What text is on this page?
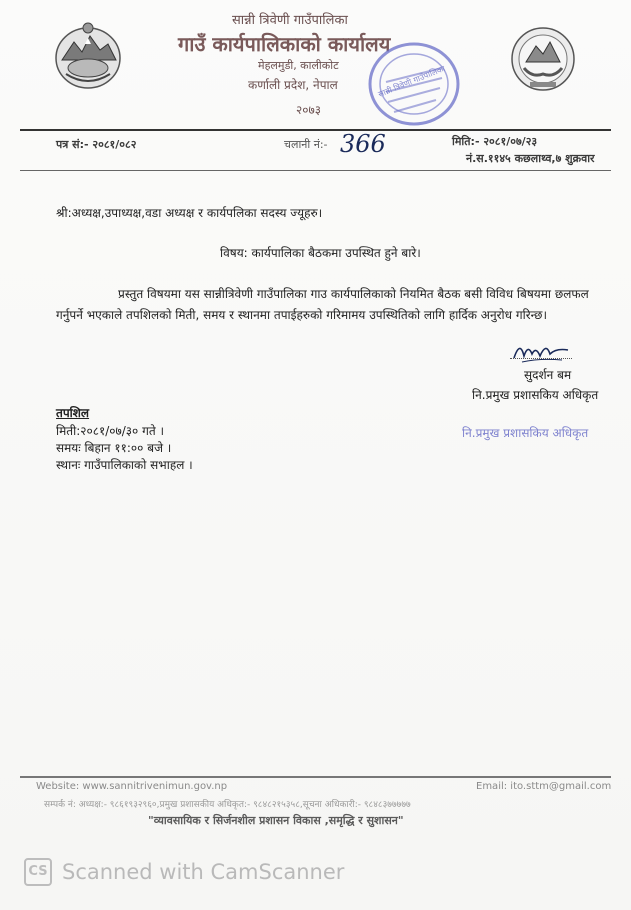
सान्नी त्रिवेणी गाउँपालिका
गाउँ कार्यपालिकाको कार्यालय
मेहलमुडी, कालीकोट
कर्णाली प्रदेश, नेपाल
२०७३
सान्नी त्रिवेणी गाउँपालिका
पत्र सं:- २०८१/०८२	चलानी नं:- 366	मिति:- २०८१/०७/२३
नं.स.११४५ कछलाथ्व,७ शुक्रवार
श्री:अध्यक्ष,उपाध्यक्ष,वडा अध्यक्ष र कार्यपलिका सदस्य ज्यूहरु।
विषय: कार्यपालिका बैठकमा उपस्थित हुने बारे।
प्रस्तुत विषयमा यस सान्नीत्रिवेणी गाउँपालिका गाउ कार्यपालिकाको नियमित बैठक बसी विविध बिषयमा छलफल गर्नुपर्ने भएकाले तपशिलको मिती, समय र स्थानमा तपाईहरुको गरिमामय उपस्थितिको लागि हार्दिक अनुरोध गरिन्छ।
सुदर्शन बम
नि.प्रमुख प्रशासकिय अधिकृत
नि.प्रमुख प्रशासकिय अधिकृत
तपशिल
मिती:२०८१/०७/३० गते ।
समयः बिहान ११:०० बजे ।
स्थानः गाउँपालिकाको सभाहल ।
Website: www.sannitrivenimun.gov.np	Email: ito.sttm@gmail.com
सम्पर्क नं: अध्यक्ष:- ९८६१९३२९६०,प्रमुख प्रशासकीय अधिकृत:- ९८४८२१५३५८,सूचना अधिकारी:- ९८४८३७७७७७
"व्यावसायिक र सिर्जनशील प्रशासन विकास ,समृद्धि र सुशासन"
CS Scanned with CamScanner
